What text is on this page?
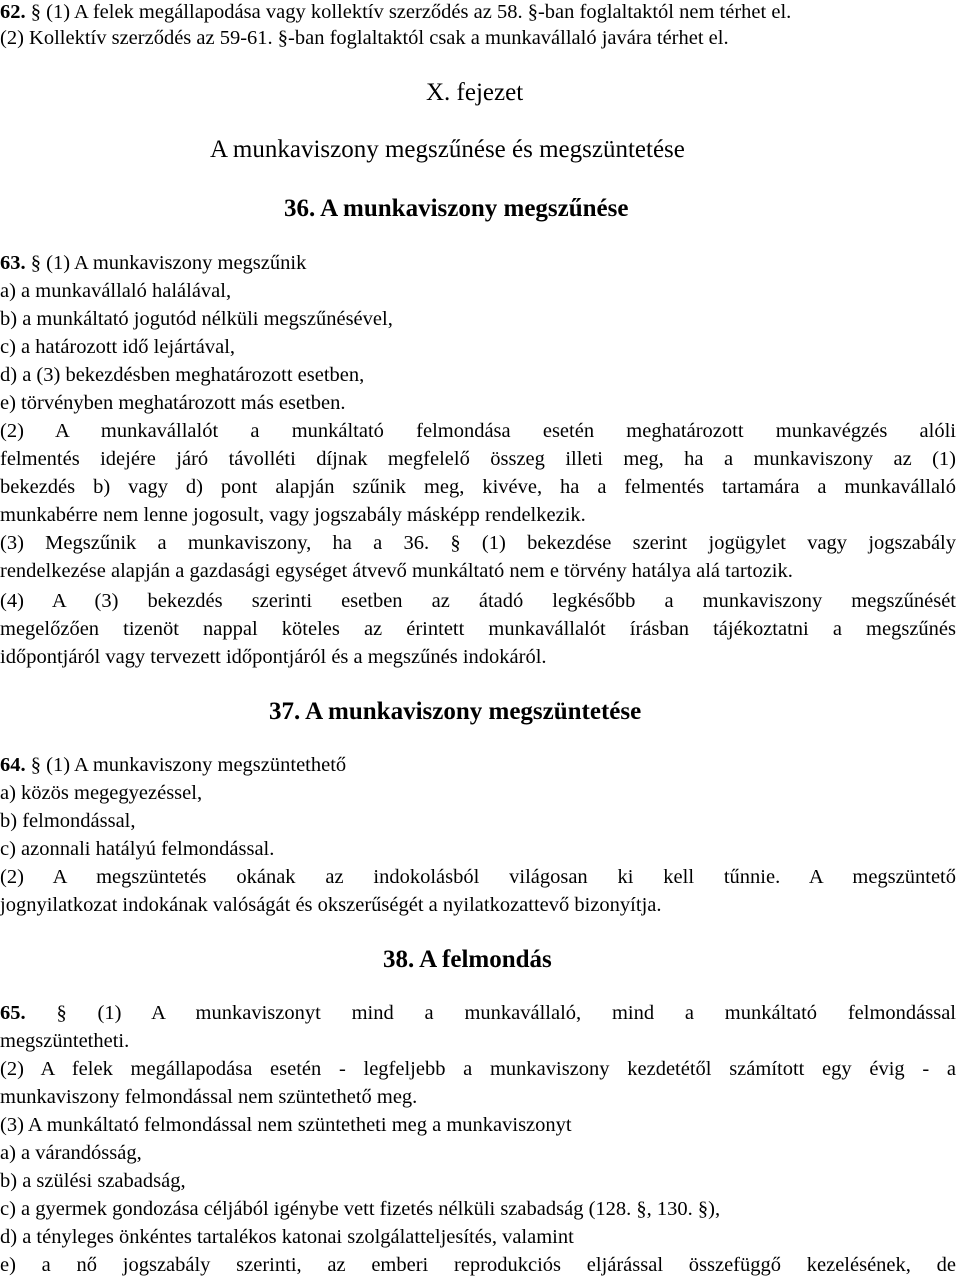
62. § (1) A felek megállapodása vagy kollektív szerződés az 58. §-ban foglaltaktól nem térhet el.
(2) Kollektív szerződés az 59-61. §-ban foglaltaktól csak a munkavállaló javára térhet el.
X. fejezet
A munkaviszony megszűnése és megszüntetése
36. A munkaviszony megszűnése
63. § (1) A munkaviszony megszűnik
a) a munkavállaló halálával,
b) a munkáltató jogutód nélküli megszűnésével,
c) a határozott idő lejártával,
d) a (3) bekezdésben meghatározott esetben,
e) törvényben meghatározott más esetben.
(2) A munkavállalót a munkáltató felmondása esetén meghatározott munkavégzés alóli
felmentés idejére járó távolléti díjnak megfelelő összeg illeti meg, ha a munkaviszony az (1)
bekezdés b) vagy d) pont alapján szűnik meg, kivéve, ha a felmentés tartamára a munkavállaló
munkabérre nem lenne jogosult, vagy jogszabály másképp rendelkezik.
(3) Megszűnik a munkaviszony, ha a 36. § (1) bekezdése szerint jogügylet vagy jogszabály
rendelkezése alapján a gazdasági egységet átvevő munkáltató nem e törvény hatálya alá tartozik.
(4) A (3) bekezdés szerinti esetben az átadó legkésőbb a munkaviszony megszűnését
megelőzően tizenöt nappal köteles az érintett munkavállalót írásban tájékoztatni a megszűnés
időpontjáról vagy tervezett időpontjáról és a megszűnés indokáról.
37. A munkaviszony megszüntetése
64. § (1) A munkaviszony megszüntethető
a) közös megegyezéssel,
b) felmondással,
c) azonnali hatályú felmondással.
(2) A megszüntetés okának az indokolásból világosan ki kell tűnnie. A megszüntető
jognyilatkozat indokának valóságát és okszerűségét a nyilatkozattevő bizonyítja.
38. A felmondás
65. § (1) A munkaviszonyt mind a munkavállaló, mind a munkáltató felmondással
megszüntetheti.
(2) A felek megállapodása esetén - legfeljebb a munkaviszony kezdetétől számított egy évig - a
munkaviszony felmondással nem szüntethető meg.
(3) A munkáltató felmondással nem szüntetheti meg a munkaviszonyt
a) a várandósság,
b) a szülési szabadság,
c) a gyermek gondozása céljából igénybe vett fizetés nélküli szabadság (128. §, 130. §),
d) a tényleges önkéntes tartalékos katonai szolgálatteljesítés, valamint
e) a nő jogszabály szerinti, az emberi reprodukciós eljárással összefüggő kezelésének, de
